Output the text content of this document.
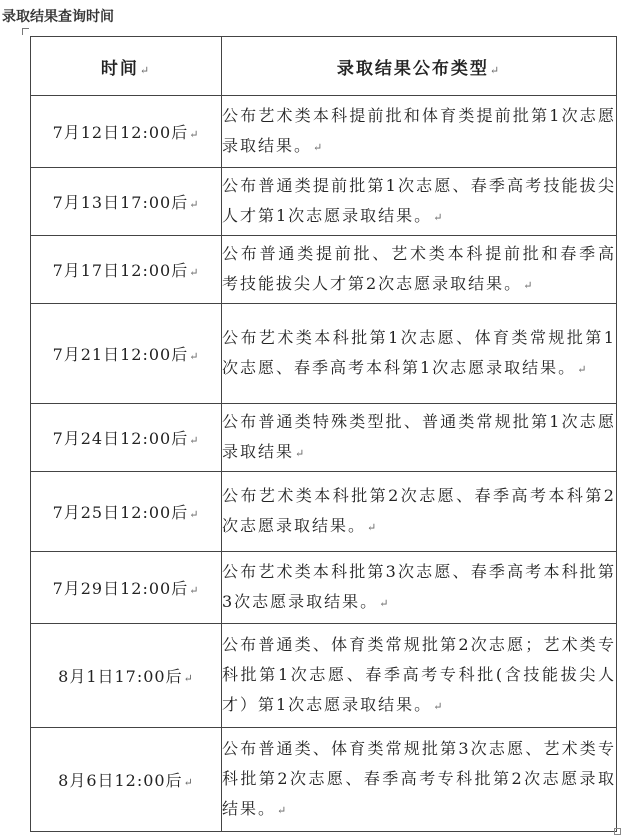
录取结果查询时间
时间↵	录取结果公布类型↵
7月12日12:00后↵	公布艺术类本科提前批和体育类提前批第1次志愿录取结果。↵
7月13日17:00后↵	公布普通类提前批第1次志愿、春季高考技能拔尖人才第1次志愿录取结果。↵
7月17日12:00后↵	公布普通类提前批、艺术类本科提前批和春季高考技能拔尖人才第2次志愿录取结果。↵
7月21日12:00后↵	公布艺术类本科批第1次志愿、体育类常规批第1次志愿、春季高考本科第1次志愿录取结果。↵
7月24日12:00后↵	公布普通类特殊类型批、普通类常规批第1次志愿录取结果↵
7月25日12:00后↵	公布艺术类本科批第2次志愿、春季高考本科第2次志愿录取结果。↵
7月29日12:00后↵	公布艺术类本科批第3次志愿、春季高考本科批第3次志愿录取结果。↵
8月1日17:00后↵	公布普通类、体育类常规批第2次志愿；艺术类专科批第1次志愿、春季高考专科批(含技能拔尖人才）第1次志愿录取结果。↵
8月6日12:00后↵	公布普通类、体育类常规批第3次志愿、艺术类专科批第2次志愿、春季高考专科批第2次志愿录取结果。↵
